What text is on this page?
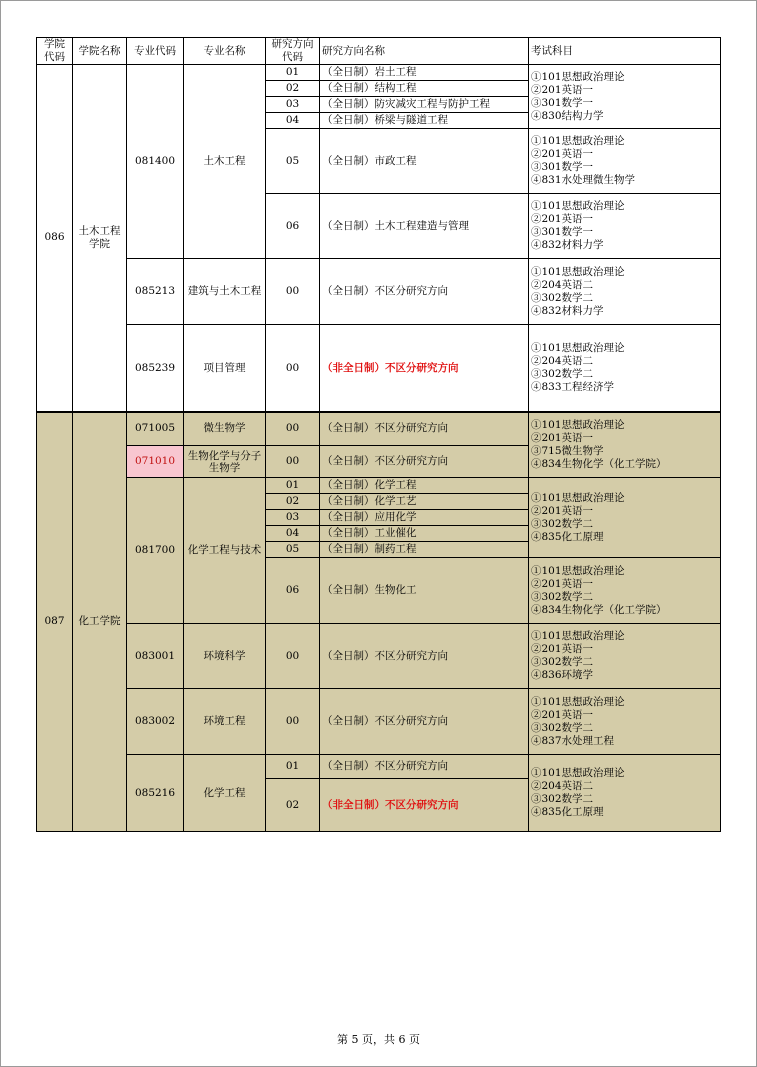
学院代码	学院名称	专业代码	专业名称	研究方向代码	研究方向名称	考试科目
086	土木工程学院	081400	土木工程	01	（全日制）岩土工程	①101思想政治理论
②201英语一
③301数学一
④830结构力学

				02	（全日制）结构工程	
				03	（全日制）防灾减灾工程与防护工程	
				04	（全日制）桥梁与隧道工程	
				05	（全日制）市政工程	①101思想政治理论
②201英语一
③301数学一
④831水处理微生物学

				06	（全日制）土木工程建造与管理	①101思想政治理论
②201英语一
③301数学一
④832材料力学

		085213	建筑与土木工程	00	（全日制）不区分研究方向	①101思想政治理论
②204英语二
③302数学二
④832材料力学

		085239	项目管理	00	（非全日制）不区分研究方向	①101思想政治理论
②204英语二
③302数学二
④833工程经济学

087	化工学院	071005	微生物学	00	（全日制）不区分研究方向	①101思想政治理论
②201英语一
③715微生物学
④834生物化学（化工学院）

		071010	生物化学与分子生物学	00	（全日制）不区分研究方向	
		081700	化学工程与技术	01	（全日制）化学工程	①101思想政治理论
②201英语一
③302数学二
④835化工原理

				02	（全日制）化学工艺	
				03	（全日制）应用化学	
				04	（全日制）工业催化	
				05	（全日制）制药工程	
				06	（全日制）生物化工	①101思想政治理论
②201英语一
③302数学二
④834生物化学（化工学院）

		083001	环境科学	00	（全日制）不区分研究方向	①101思想政治理论
②201英语一
③302数学二
④836环境学

		083002	环境工程	00	（全日制）不区分研究方向	①101思想政治理论
②201英语一
③302数学二
④837水处理工程

		085216	化学工程	01	（全日制）不区分研究方向	①101思想政治理论
②204英语二
③302数学二
④835化工原理

				02	（非全日制）不区分研究方向	
第 5 页，共 6 页
